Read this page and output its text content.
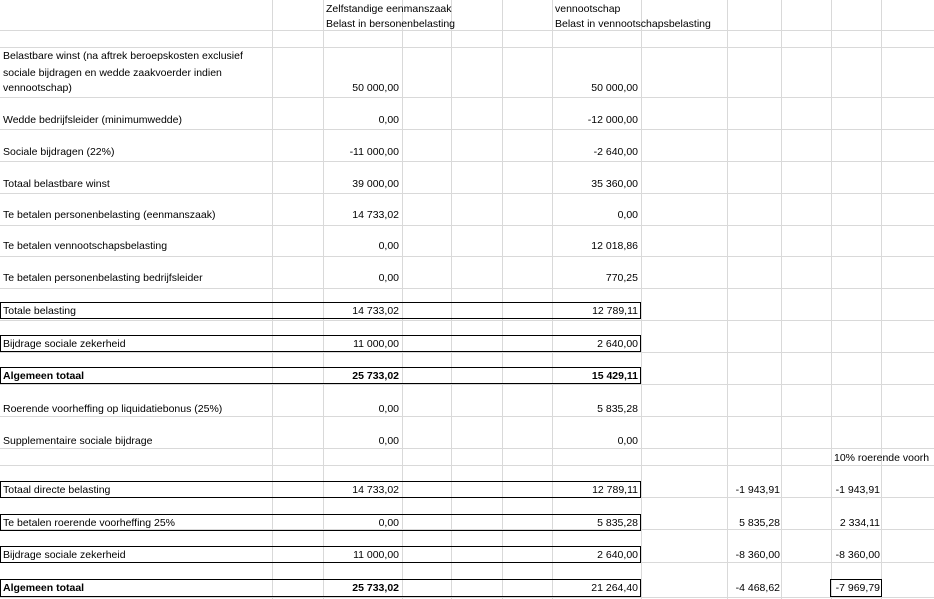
Zelfstandige eenmanszaak
Belast in bersonenbelasting
vennootschap
Belast in vennootschapsbelasting
Belastbare winst (na aftrek beroepskosten exclusief
sociale bijdragen en wedde zaakvoerder indien
vennootschap)	50 000,00	50 000,00
Wedde bedrijfsleider (minimumwedde)	0,00	-12 000,00
Sociale bijdragen (22%)	-11 000,00	-2 640,00
Totaal belastbare winst	39 000,00	35 360,00
Te betalen personenbelasting (eenmanszaak)	14 733,02	0,00
Te betalen vennootschapsbelasting	0,00	12 018,86
Te betalen personenbelasting bedrijfsleider	0,00	770,25
Totale belasting	14 733,02	12 789,11
Bijdrage sociale zekerheid	11 000,00	2 640,00
Algemeen totaal	25 733,02	15 429,11
Roerende voorheffing op liquidatiebonus (25%)	0,00	5 835,28
Supplementaire sociale bijdrage	0,00	0,00
10% roerende voorh
Totaal directe belasting	14 733,02	12 789,11	-1 943,91	-1 943,91
Te betalen roerende voorheffing 25%	0,00	5 835,28	5 835,28	2 334,11
Bijdrage sociale zekerheid	11 000,00	2 640,00	-8 360,00	-8 360,00
Algemeen totaal	25 733,02	21 264,40	-4 468,62	-7 969,79
